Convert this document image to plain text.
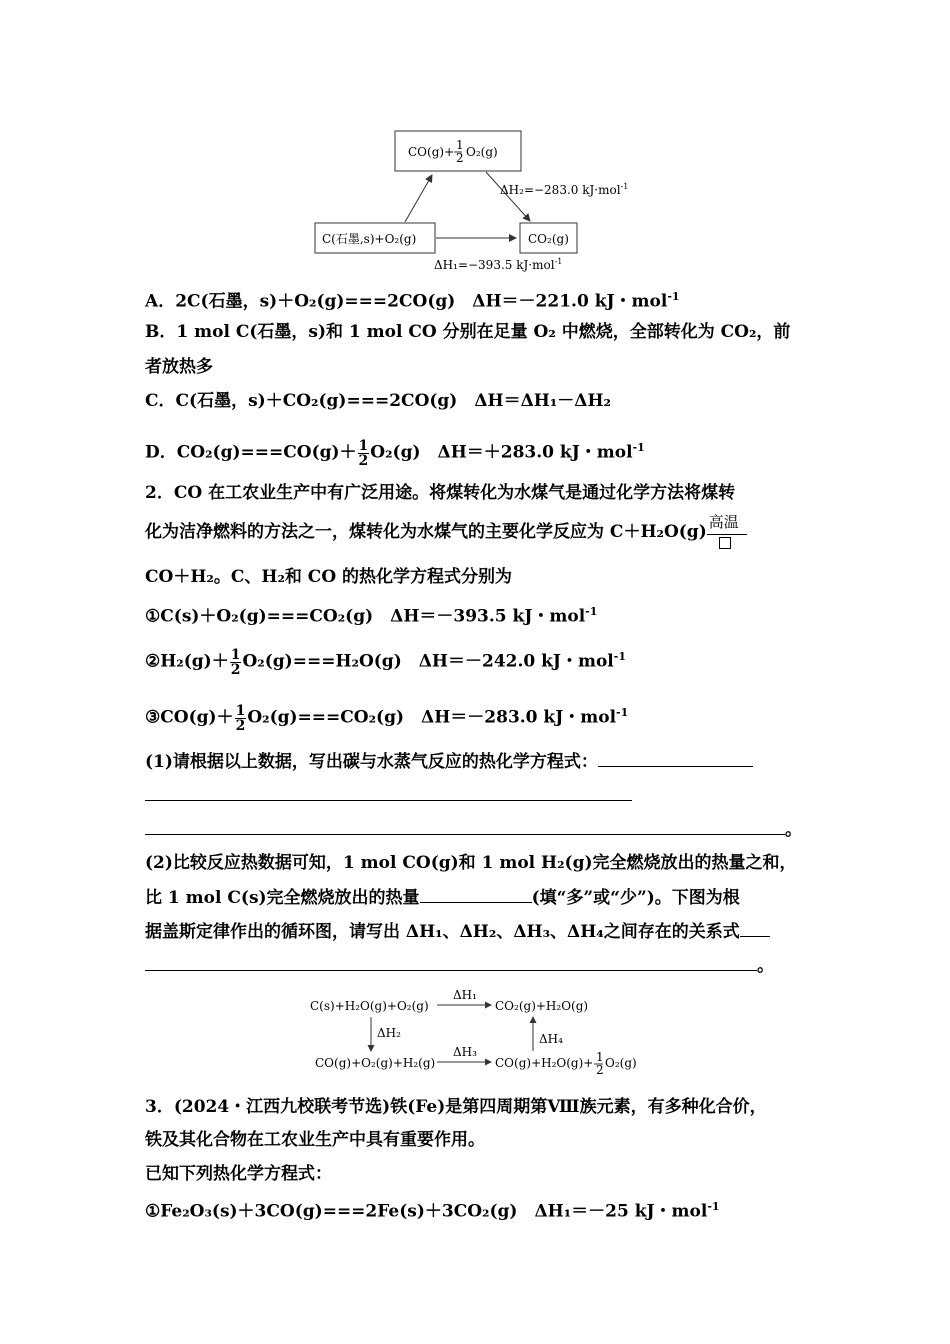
CO(g)+ 1
2 O₂(g)
C(石墨,s)+O₂(g)	CO₂(g)
ΔH₂=−283.0 kJ·mol$^{-1}$
ΔH₁=−393.5 kJ·mol$^{-1}$
A．2C(石墨，s)＋O₂(g)===2CO(g)　ΔH＝－221.0 kJ・mol$^{-1}$
B．1 mol C(石墨，s)和 1 mol CO 分别在足量 O₂ 中燃烧，全部转化为 CO₂，前
者放热多
C．C(石墨，s)＋CO₂(g)===2CO(g)　ΔH＝ΔH₁－ΔH₂
D．$CO_2(g)===CO(g)+ \frac{1}{2} O_2(g)$　ΔH＝＋283.0 kJ・mol$^{-1}$
2．CO 在工农业生产中有广泛用途。将煤转化为水煤气是通过化学方法将煤转
化为洁净燃料的方法之一，煤转化为水煤气的主要化学反应为 C＋H₂O(g) 高温
CO＋H₂。C、H₂和 CO 的热化学方程式分别为
①C(s)＋O₂(g)===CO₂(g)　ΔH＝－393.5 kJ・mol$^{-1}$
②H₂(g)＋ $\frac{1}{2} O_2(g)===H_2O(g)$　ΔH＝－242.0 kJ・mol$^{-1}$
③CO(g)＋ $\frac{1}{2} O_2(g)===CO_2(g)$　ΔH＝－283.0 kJ・mol$^{-1}$
(1)请根据以上数据，写出碳与水蒸气反应的热化学方程式：
。
(2)比较反应热数据可知，1 mol CO(g)和 1 mol H₂(g)完全燃烧放出的热量之和，
比 1 mol C(s)完全燃烧放出的热量	(填“多”或“少”)。下图为根
据盖斯定律作出的循环图，请写出 ΔH₁、ΔH₂、ΔH₃、ΔH₄之间存在的关系式
。
C(s)+H₂O(g)+O₂(g)	CO₂(g)+H₂O(g)
CO(g)+O₂(g)+H₂(g)	CO(g)+H₂O(g)+ 1
2 O₂(g)
ΔH₁
ΔH₂
ΔH₃
ΔH₄
3．(2024・江西九校联考节选)铁(Fe)是第四周期第Ⅷ族元素，有多种化合价，
铁及其化合物在工农业生产中具有重要作用。
已知下列热化学方程式：
①Fe₂O₃(s)＋3CO(g)===2Fe(s)＋3CO₂(g)　ΔH₁＝－25 kJ・mol$^{-1}$
